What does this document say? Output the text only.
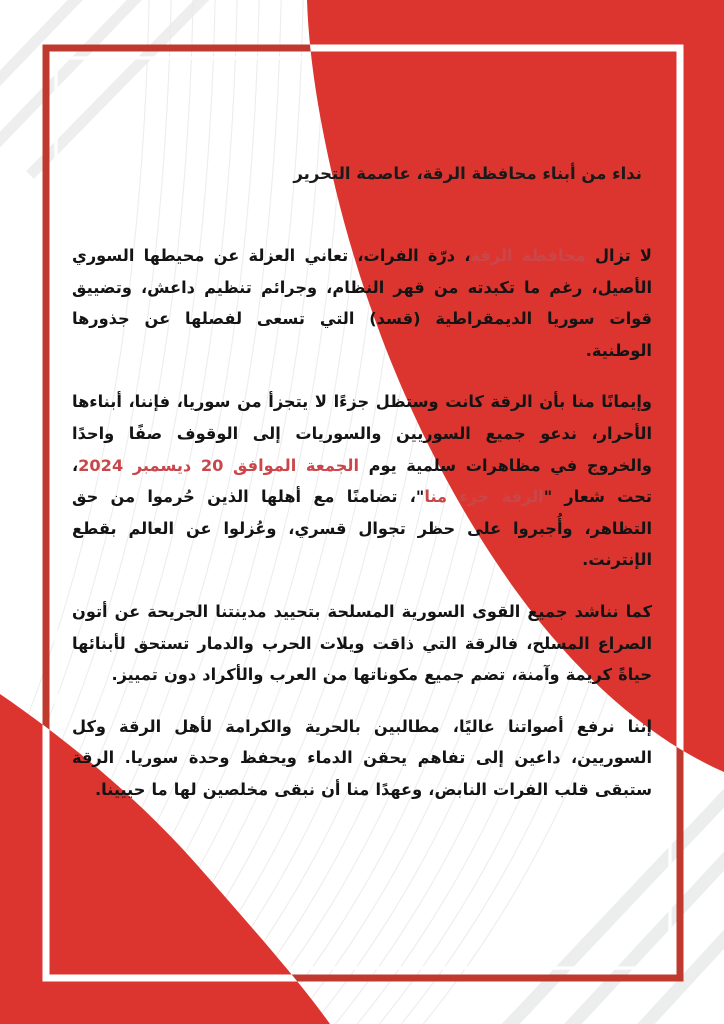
نداء من أبناء محافظة الرقة، عاصمة التحرير

لا تزال محافظة الرقة، درّة الفرات، تعاني العزلة عن محيطها السوري الأصيل، رغم ما تكبدته من قهر النظام، وجرائم تنظيم داعش، وتضييق قوات سوريا الديمقراطية (قسد) التي تسعى لفصلها عن جذورها الوطنية.

وإيمانًا منا بأن الرقة كانت وستظل جزءًا لا يتجزأ من سوريا، فإننا، أبناءها الأحرار، ندعو جميع السوريين والسوريات إلى الوقوف صفًا واحدًا والخروج في مظاهرات سلمية يوم الجمعة الموافق 20 ديسمبر 2024، تحت شعار "الرقة جزء منا"، تضامنًا مع أهلها الذين حُرموا من حق التظاهر، وأُجبروا على حظر تجوال قسري، وعُزلوا عن العالم بقطع الإنترنت.

كما نناشد جميع القوى السورية المسلحة بتحييد مدينتنا الجريحة عن أتون الصراع المسلح، فالرقة التي ذاقت ويلات الحرب والدمار تستحق لأبنائها حياةً كريمة وآمنة، تضم جميع مكوناتها من العرب والأكراد دون تمييز.

إننا نرفع أصواتنا عاليًا، مطالبين بالحرية والكرامة لأهل الرقة وكل السوريين، داعين إلى تفاهم يحقن الدماء ويحفظ وحدة سوريا. الرقة ستبقى قلب الفرات النابض، وعهدًا منا أن نبقى مخلصين لها ما حييينا.
